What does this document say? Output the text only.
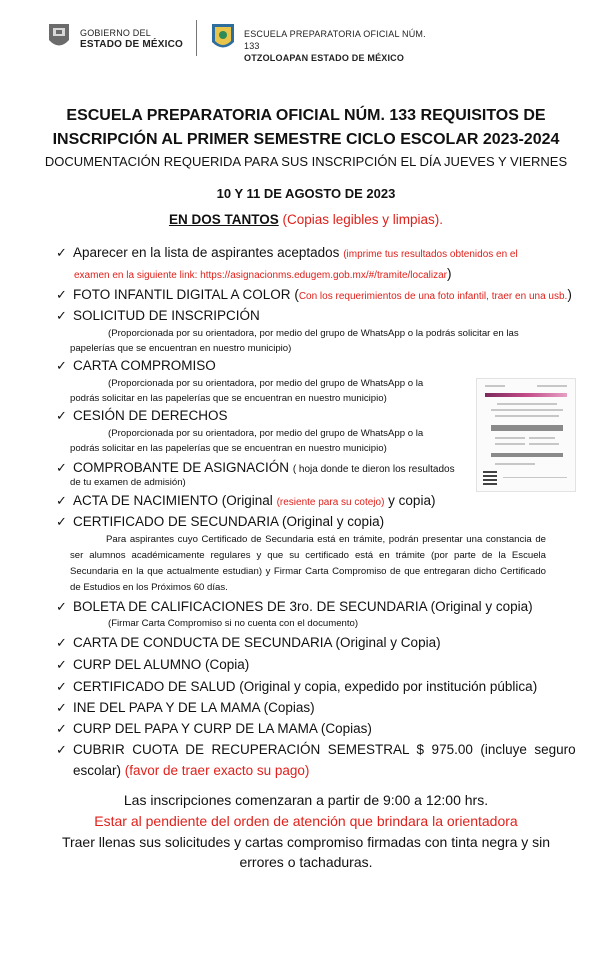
GOBIERNO DEL
ESTADO DE MÉXICO
ESCUELA PREPARATORIA OFICIAL NÚM. 133
OTZOLOAPAN ESTADO DE MÉXICO
ESCUELA PREPARATORIA OFICIAL NÚM. 133 REQUISITOS DE
INSCRIPCIÓN AL PRIMER SEMESTRE CICLO ESCOLAR 2023-2024
DOCUMENTACIÓN REQUERIDA PARA SUS INSCRIPCIÓN EL DÍA JUEVES Y VIERNES
10 Y 11 DE AGOSTO DE 2023
EN DOS TANTOS (Copias legibles y limpias).
✓ Aparecer en la lista de aspirantes aceptados (imprime tus resultados obtenidos en el
examen en la siguiente link: https://asignacionms.edugem.gob.mx/#/tramite/localizar)
✓ FOTO INFANTIL DIGITAL A COLOR (Con los requerimientos de una foto infantil, traer en una usb.)
✓ SOLICITUD DE INSCRIPCIÓN
(Proporcionada por su orientadora, por medio del grupo de WhatsApp o la podrás solicitar en las
papelerías que se encuentran en nuestro municipio)
✓ CARTA COMPROMISO
(Proporcionada por su orientadora, por medio del grupo de WhatsApp o la
podrás solicitar en las papelerías que se encuentran en nuestro municipio)
✓ CESIÓN DE DERECHOS
(Proporcionada por su orientadora, por medio del grupo de WhatsApp o la
podrás solicitar en las papelerías que se encuentran en nuestro municipio)
✓ COMPROBANTE DE ASIGNACIÓN ( hoja donde te dieron los resultados
de tu examen de admisión)
✓ ACTA DE NACIMIENTO (Original (resiente para su cotejo) y copia)
✓ CERTIFICADO DE SECUNDARIA (Original y copia)
Para aspirantes cuyo Certificado de Secundaria está en trámite, podrán presentar una constancia de ser alumnos académicamente regulares y que su certificado está en trámite (por parte de la Escuela Secundaria en la que actualmente estudian) y Firmar Carta Compromiso de que entregaran dicho Certificado de Estudios en los Próximos 60 días.
✓ BOLETA DE CALIFICACIONES DE 3ro. DE SECUNDARIA (Original y copia)
(Firmar Carta Compromiso si no cuenta con el documento)
✓ CARTA DE CONDUCTA DE SECUNDARIA (Original y Copia)
✓ CURP DEL ALUMNO (Copia)
✓ CERTIFICADO DE SALUD (Original y copia, expedido por institución pública)
✓ INE DEL PAPA Y DE LA MAMA (Copias)
✓ CURP DEL PAPA Y CURP DE LA MAMA (Copias)
✓ CUBRIR  CUOTA  DE  RECUPERACIÓN  SEMESTRAL  $  975.00  (incluye  seguro
escolar) (favor de traer exacto su pago)
Las inscripciones comenzaran a partir de 9:00 a 12:00 hrs.
Estar al pendiente del orden de atención que brindara la orientadora
Traer llenas sus solicitudes y cartas compromiso firmadas con tinta negra y sin
errores o tachaduras.
